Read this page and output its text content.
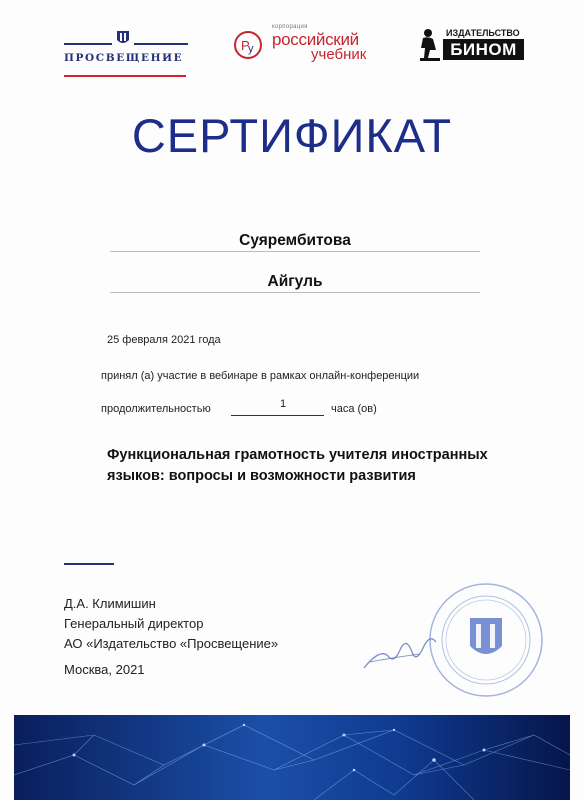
ПРОСВЕЩЕНИЕ
P
y
корпорация
российский
учебник
ИЗДАТЕЛЬСТВО
БИНОМ
СЕРТИФИКАТ
Суярембитова
Айгуль
25 февраля 2021 года
принял (а) участие в вебинаре в рамках онлайн-конференции
продолжительностью	1	часа (ов)
Функциональная грамотность учителя иностранных языков: вопросы и возможности развития
Д.А. Климишин
Генеральный директор
АО «Издательство «Просвещение»
Москва, 2021
